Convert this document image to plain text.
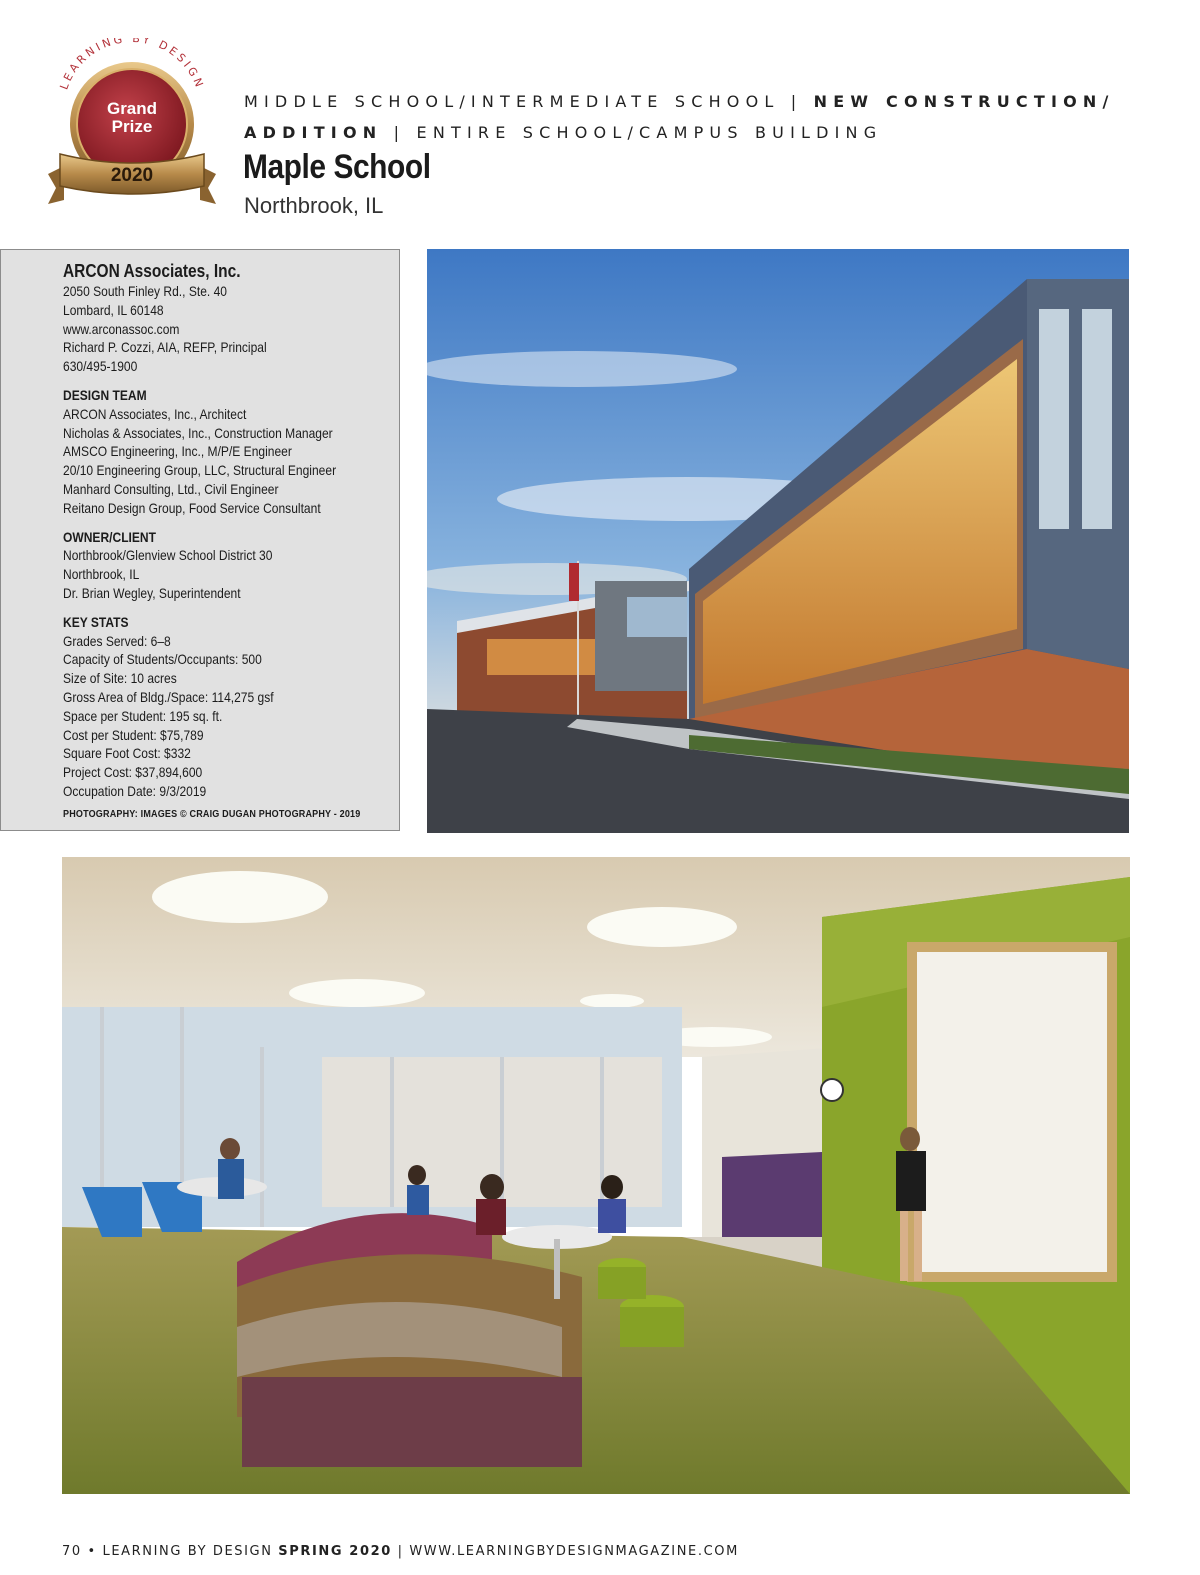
LEARNING BY DESIGN
Grand
Prize
2020
MIDDLE SCHOOL/INTERMEDIATE SCHOOL | NEW CONSTRUCTION/
ADDITION | ENTIRE SCHOOL/CAMPUS BUILDING
Maple School
Northbrook, IL

ARCON Associates, Inc.

2050 South Finley Rd., Ste. 40

Lombard, IL 60148

www.arconassoc.com

Richard P. Cozzi, AIA, REFP, Principal

630/495-1900

DESIGN TEAM

ARCON Associates, Inc., Architect

Nicholas & Associates, Inc., Construction Manager

AMSCO Engineering, Inc., M/P/E Engineer

20/10 Engineering Group, LLC, Structural Engineer

Manhard Consulting, Ltd., Civil Engineer

Reitano Design Group, Food Service Consultant

OWNER/CLIENT

Northbrook/Glenview School District 30

Northbrook, IL

Dr. Brian Wegley, Superintendent

KEY STATS

Grades Served: 6–8

Capacity of Students/Occupants: 500

Size of Site: 10 acres

Gross Area of Bldg./Space: 114,275 gsf

Space per Student: 195 sq. ft.

Cost per Student: $75,789

Square Foot Cost: $332

Project Cost: $37,894,600

Occupation Date: 9/3/2019

PHOTOGRAPHY: IMAGES © CRAIG DUGAN PHOTOGRAPHY - 2019

70 • LEARNING BY DESIGN SPRING 2020 | WWW.LEARNINGBYDESIGNMAGAZINE.COM
